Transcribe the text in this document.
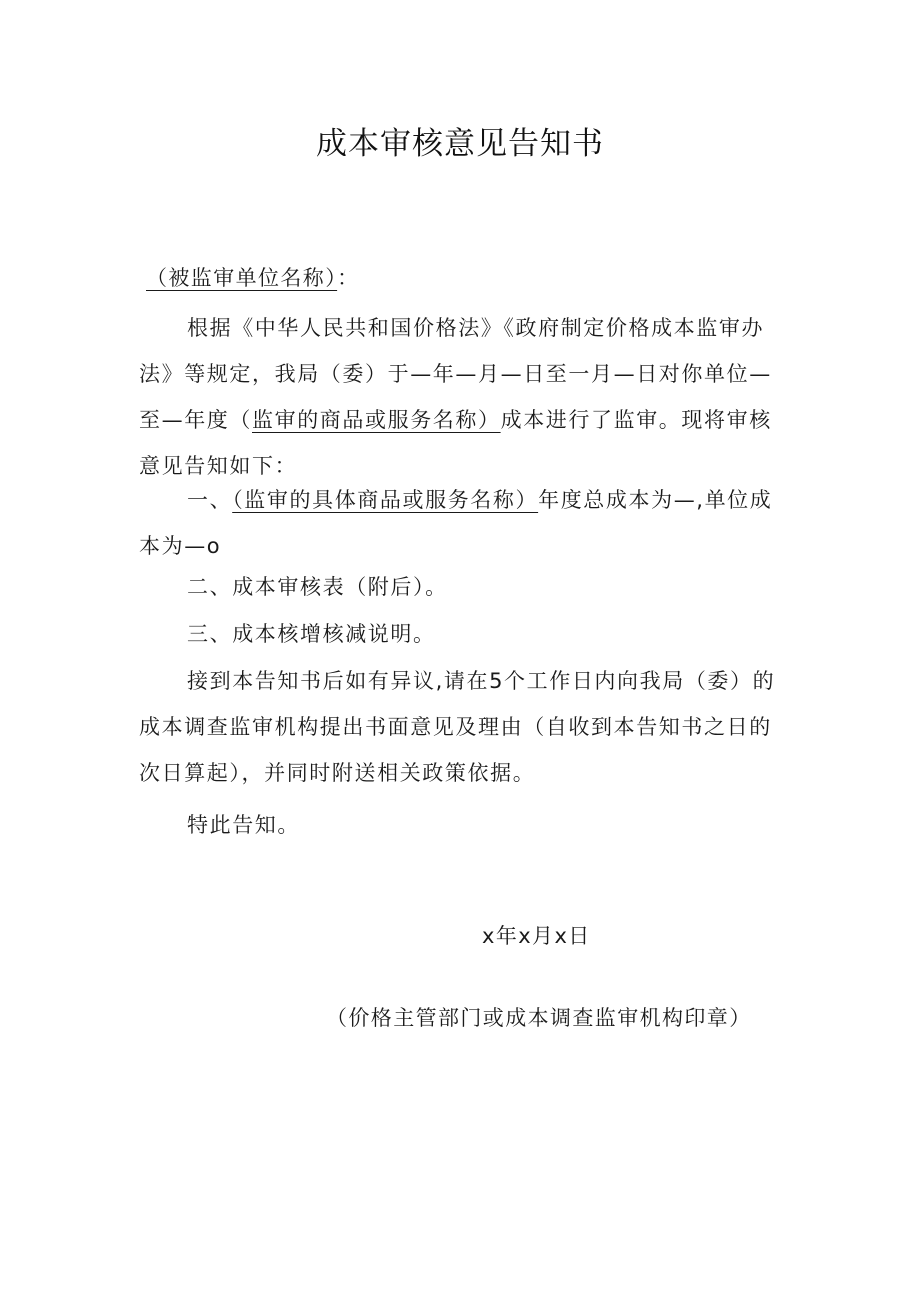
成本审核意见告知书
（被监审单位名称）：
根据《中华人民共和国价格法》《政府制定价格成本监审办
法》等规定，我局（委）于—年—月—日至一月—日对你单位—
至—年度（监审的商品或服务名称）成本进行了监审。现将审核
意见告知如下：
一、（监审的具体商品或服务名称）年度总成本为—,单位成
本为—o
二、成本审核表（附后）。
三、成本核增核减说明。
接到本告知书后如有异议,请在5个工作日内向我局（委）的
成本调查监审机构提出书面意见及理由（自收到本告知书之日的
次日算起），并同时附送相关政策依据。
特此告知。
x年x月x日
（价格主管部门或成本调查监审机构印章）
